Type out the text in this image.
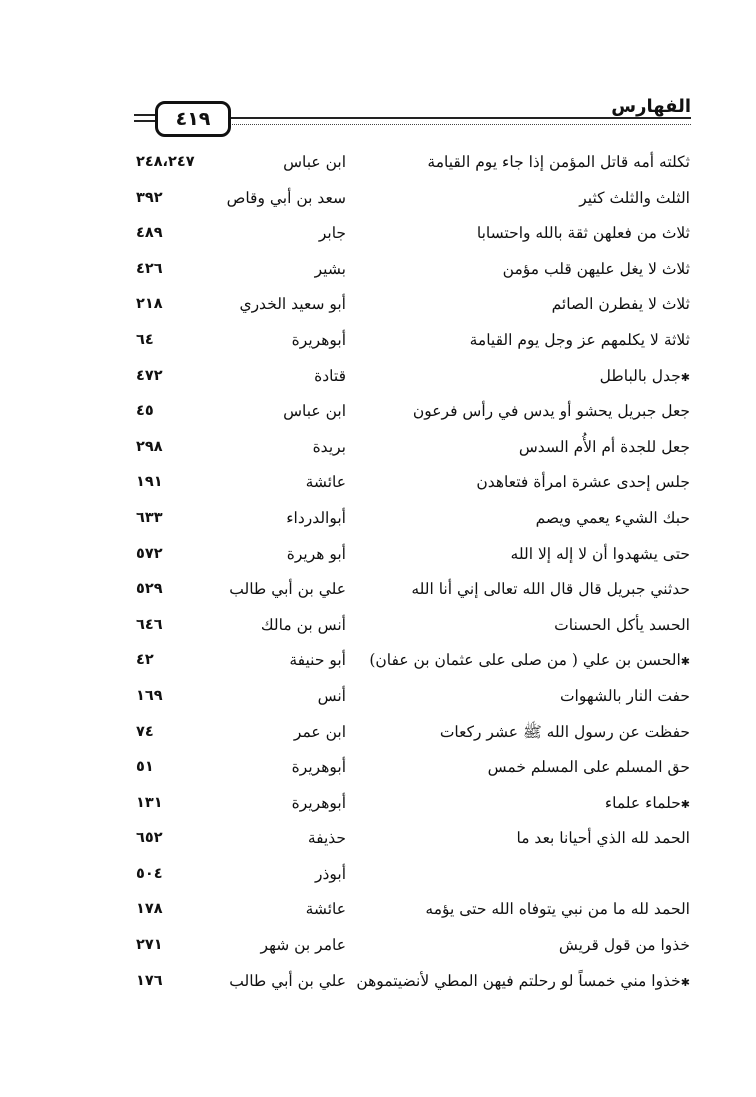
٤١٩
الفهارس
ثكلته أمه قاتل المؤمن إذا جاء يوم القيامة
ابن عباس
٢٤٨،٢٤٧
الثلث والثلث كثير
سعد بن أبي وقاص
٣٩٢
ثلاث من فعلهن ثقة بالله واحتسابا
جابر
٤٨٩
ثلاث لا يغل عليهن قلب مؤمن
بشير
٤٢٦
ثلاث لا يفطرن الصائم
أبو سعيد الخدري
٢١٨
ثلاثة لا يكلمهم عز وجل يوم القيامة
أبوهريرة
٦٤
✱ جدل بالباطل
قتادة
٤٧٢
جعل جبريل يحشو أو يدس في رأس فرعون
ابن عباس
٤٥
جعل للجدة أم الأُم السدس
بريدة
٢٩٨
جلس إحدى عشرة امرأة فتعاهدن
عائشة
١٩١
حبك الشيء يعمي ويصم
أبوالدرداء
٦٣٣
حتى يشهدوا أن لا إله إلا الله
أبو هريرة
٥٧٢
حدثني جبريل قال قال الله تعالى إني أنا الله
علي بن أبي طالب
٥٢٩
الحسد يأكل الحسنات
أنس بن مالك
٦٤٦
✱ الحسن بن علي ( من صلى على عثمان بن عفان)
أبو حنيفة
٤٢
حفت النار بالشهوات
أنس
١٦٩
حفظت عن رسول الله ﷺ عشر ركعات
ابن عمر
٧٤
حق المسلم على المسلم خمس
أبوهريرة
٥١
✱ حلماء علماء
أبوهريرة
١٣١
الحمد لله الذي أحيانا بعد ما
حذيفة
٦٥٢
أبوذر
٥٠٤
الحمد لله ما من نبي يتوفاه الله حتى يؤمه
عائشة
١٧٨
خذوا من قول قريش
عامر بن شهر
٢٧١
✱ خذوا مني خمساً لو رحلتم فيهن المطي لأنضيتموهن
علي بن أبي طالب
١٧٦
